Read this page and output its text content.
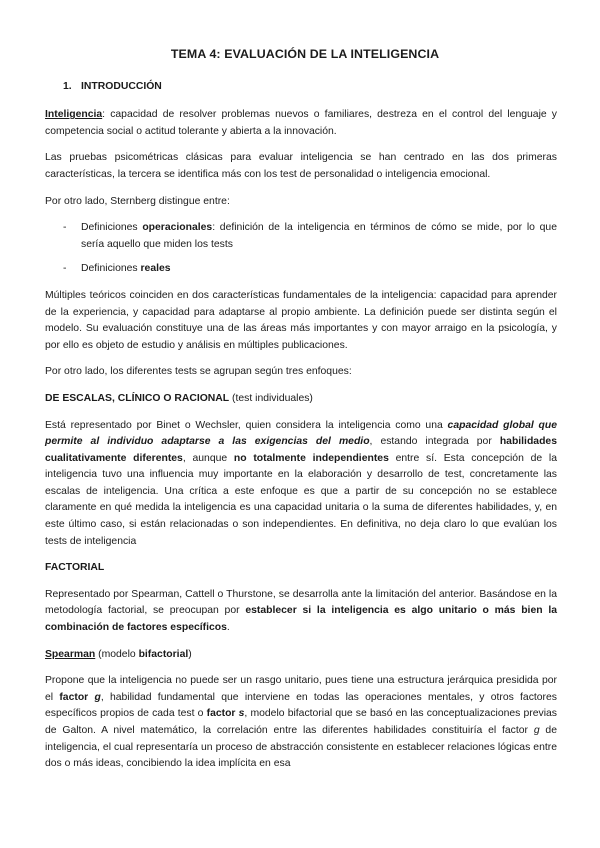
TEMA 4: EVALUACIÓN DE LA INTELIGENCIA
1. INTRODUCCIÓN

Inteligencia: capacidad de resolver problemas nuevos o familiares, destreza en el control del lenguaje y competencia social o actitud tolerante y abierta a la innovación.

Las pruebas psicométricas clásicas para evaluar inteligencia se han centrado en las dos primeras características, la tercera se identifica más con los test de personalidad o inteligencia emocional.

Por otro lado, Sternberg distingue entre:

- Definiciones operacionales: definición de la inteligencia en términos de cómo se mide, por lo que sería aquello que miden los tests
- Definiciones reales

Múltiples teóricos coinciden en dos características fundamentales de la inteligencia: capacidad para aprender de la experiencia, y capacidad para adaptarse al propio ambiente. La definición puede ser distinta según el modelo. Su evaluación constituye una de las áreas más importantes y con mayor arraigo en la psicología, y por ello es objeto de estudio y análisis en múltiples publicaciones.

Por otro lado, los diferentes tests se agrupan según tres enfoques:

DE ESCALAS, CLÍNICO O RACIONAL (test individuales)

Está representado por Binet o Wechsler, quien considera la inteligencia como una capacidad global que permite al individuo adaptarse a las exigencias del medio, estando integrada por habilidades cualitativamente diferentes, aunque no totalmente independientes entre sí. Esta concepción de la inteligencia tuvo una influencia muy importante en la elaboración y desarrollo de test, concretamente las escalas de inteligencia. Una crítica a este enfoque es que a partir de su concepción no se establece claramente en qué medida la inteligencia es una capacidad unitaria o la suma de diferentes habilidades, y, en este último caso, si están relacionadas o son independientes. En definitiva, no deja claro lo que evalúan los tests de inteligencia

FACTORIAL

Representado por Spearman, Cattell o Thurstone, se desarrolla ante la limitación del anterior. Basándose en la metodología factorial, se preocupan por establecer si la inteligencia es algo unitario o más bien la combinación de factores específicos.

Spearman (modelo bifactorial)

Propone que la inteligencia no puede ser un rasgo unitario, pues tiene una estructura jerárquica presidida por el factor g, habilidad fundamental que interviene en todas las operaciones mentales, y otros factores específicos propios de cada test o factor s, modelo bifactorial que se basó en las conceptualizaciones previas de Galton. A nivel matemático, la correlación entre las diferentes habilidades constituiría el factor g de inteligencia, el cual representaría un proceso de abstracción consistente en establecer relaciones lógicas entre dos o más ideas, concibiendo la idea implícita en esa
